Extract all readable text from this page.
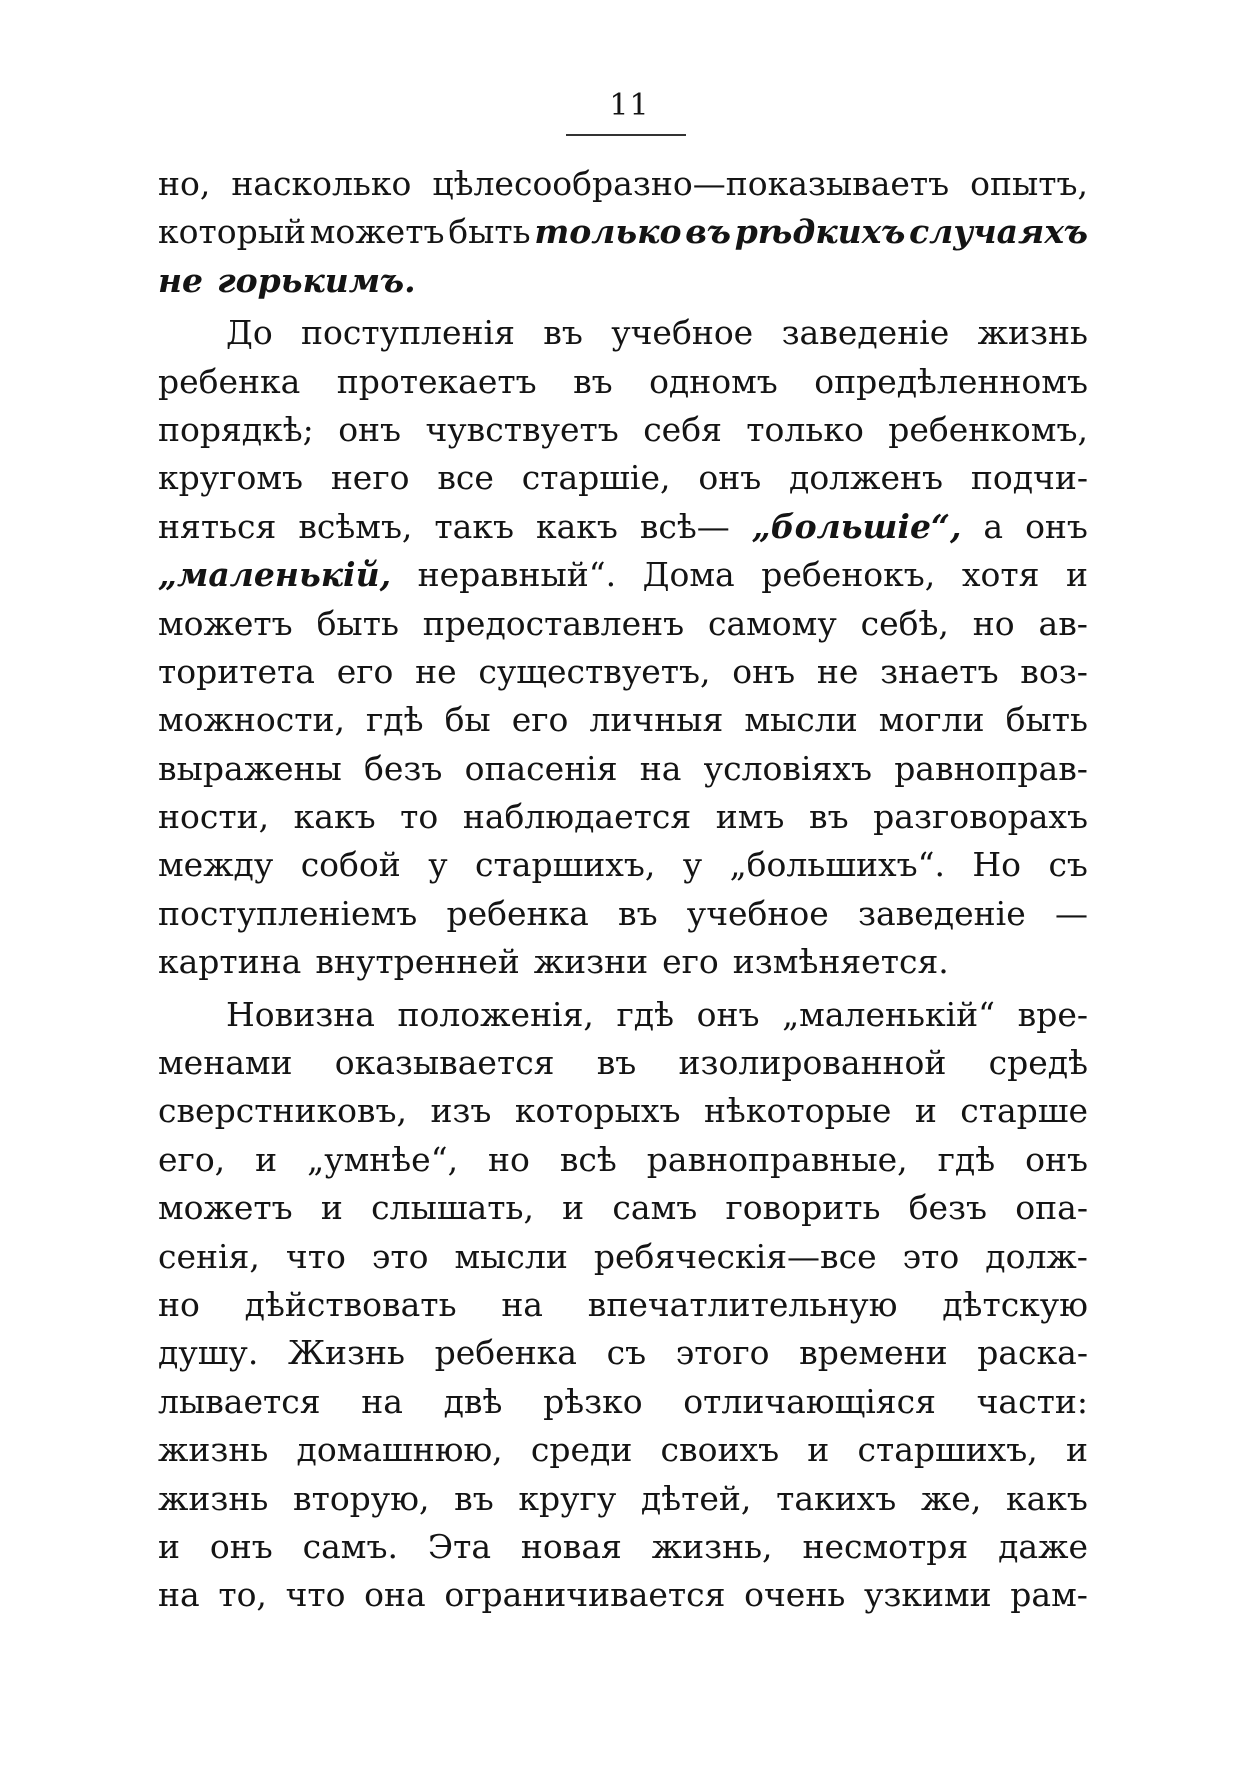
11
но, насколько цѣлесообразно—показываетъ опытъ,
который можетъ быть только въ рѣдкихъ случаяхъ
не горькимъ.
До поступленія въ учебное заведеніе жизнь
ребенка протекаетъ въ одномъ опредѣленномъ
порядкѣ; онъ чувствуетъ себя только ребенкомъ,
кругомъ него все старшіе, онъ долженъ подчи-
няться всѣмъ, такъ какъ всѣ— „большіе“, а онъ
„маленькій, неравный“. Дома ребенокъ, хотя и
можетъ быть предоставленъ самому себѣ, но ав-
торитета его не существуетъ, онъ не знаетъ воз-
можности, гдѣ бы его личныя мысли могли быть
выражены безъ опасенія на условіяхъ равноправ-
ности, какъ то наблюдается имъ въ разговорахъ
между собой у старшихъ, у „большихъ“. Но съ
поступленіемъ ребенка въ учебное заведеніе —
картина внутренней жизни его измѣняется.
Новизна положенія, гдѣ онъ „маленькій“ вре-
менами оказывается въ изолированной средѣ
сверстниковъ, изъ которыхъ нѣкоторые и старше
его, и „умнѣе“, но всѣ равноправные, гдѣ онъ
можетъ и слышать, и самъ говорить безъ опа-
сенія, что это мысли ребяческія—все это долж-
но дѣйствовать на впечатлительную дѣтскую
душу. Жизнь ребенка съ этого времени раска-
лывается на двѣ рѣзко отличающіяся части:
жизнь домашнюю, среди своихъ и старшихъ, и
жизнь вторую, въ кругу дѣтей, такихъ же, какъ
и онъ самъ. Эта новая жизнь, несмотря даже
на то, что она ограничивается очень узкими рам-
